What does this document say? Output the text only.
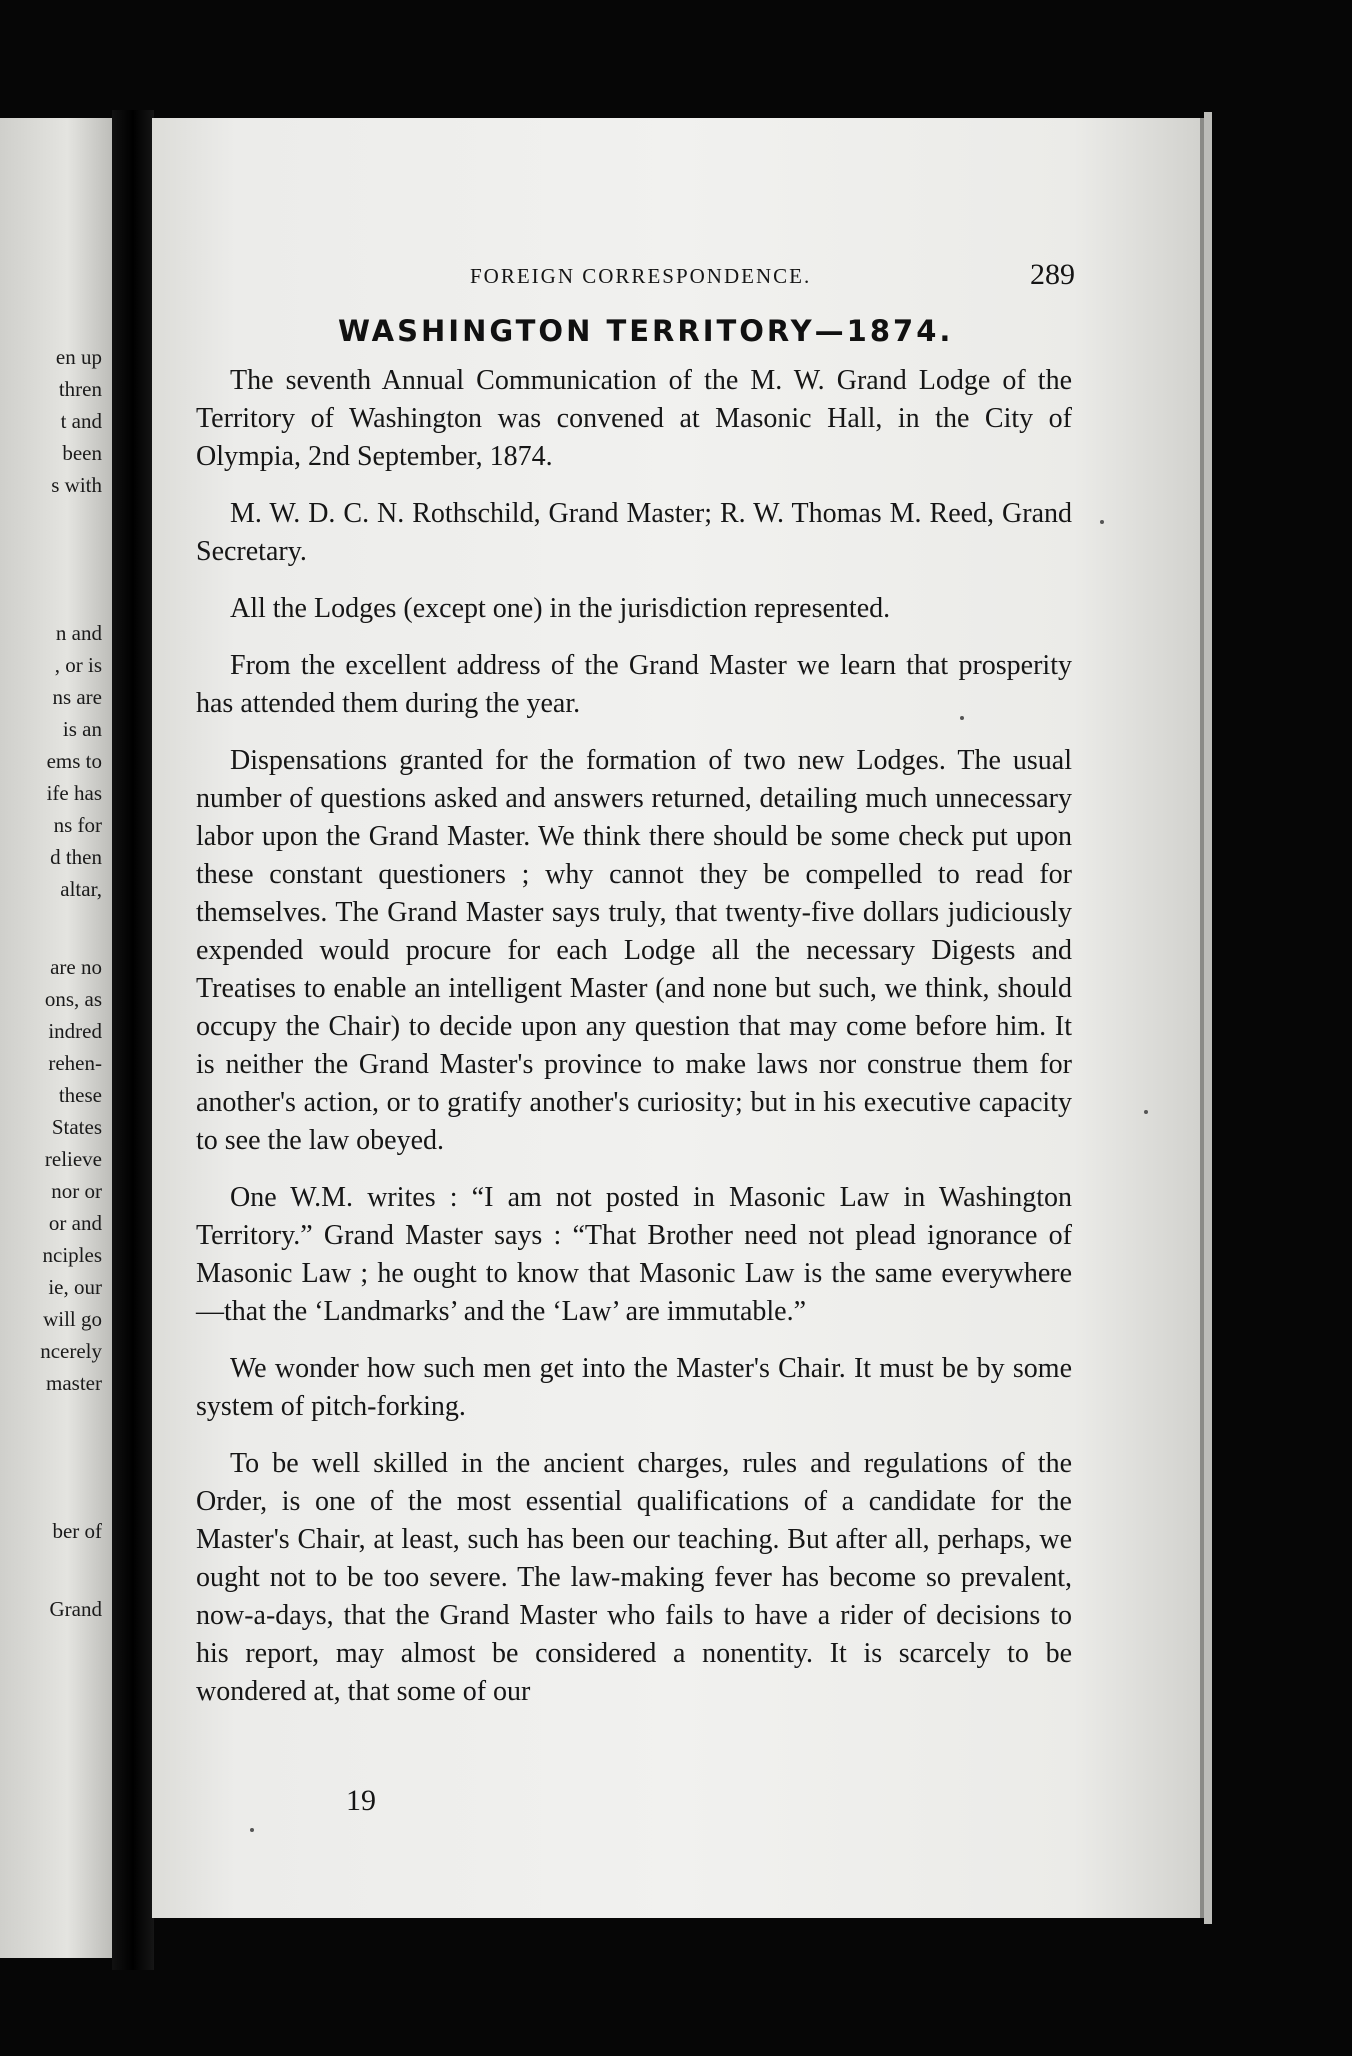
en up
thren
t and
been
s with
n and
, or is
ns are
is an
ems to
ife has
ns for
d then
altar,
are no
ons, as
indred
rehen-
these
States
relieve
nor or
or and
nciples
ie, our
will go
ncerely
master
ber of
Grand
FOREIGN CORRESPONDENCE.	289
WASHINGTON TERRITORY—1874.

The seventh Annual Communication of the M. W. Grand Lodge of the Territory of Washington was convened at Masonic Hall, in the City of Olympia, 2nd September, 1874.

M. W. D. C. N. Rothschild, Grand Master; R. W. Thomas M. Reed, Grand Secretary.

All the Lodges (except one) in the jurisdiction represented.

From the excellent address of the Grand Master we learn that prosperity has attended them during the year.

Dispensations granted for the formation of two new Lodges. The usual number of questions asked and answers returned, detailing much unnecessary labor upon the Grand Master. We think there should be some check put upon these constant questioners ; why cannot they be compelled to read for themselves. The Grand Master says truly, that twenty-five dollars judiciously expended would procure for each Lodge all the necessary Digests and Treatises to enable an intelligent Master (and none but such, we think, should occupy the Chair) to decide upon any question that may come before him. It is neither the Grand Master's province to make laws nor construe them for another's action, or to gratify another's curiosity; but in his executive capacity to see the law obeyed.

One W.M. writes : “I am not posted in Masonic Law in Washington Territory.” Grand Master says : “That Brother need not plead ignorance of Masonic Law ; he ought to know that Masonic Law is the same everywhere—that the ‘Landmarks’ and the ‘Law’ are immutable.”

We wonder how such men get into the Master's Chair. It must be by some system of pitch-forking.

To be well skilled in the ancient charges, rules and regulations of the Order, is one of the most essential qualifications of a candidate for the Master's Chair, at least, such has been our teaching. But after all, perhaps, we ought not to be too severe. The law-making fever has become so prevalent, now-a-days, that the Grand Master who fails to have a rider of decisions to his report, may almost be considered a nonentity. It is scarcely to be wondered at, that some of our

19
